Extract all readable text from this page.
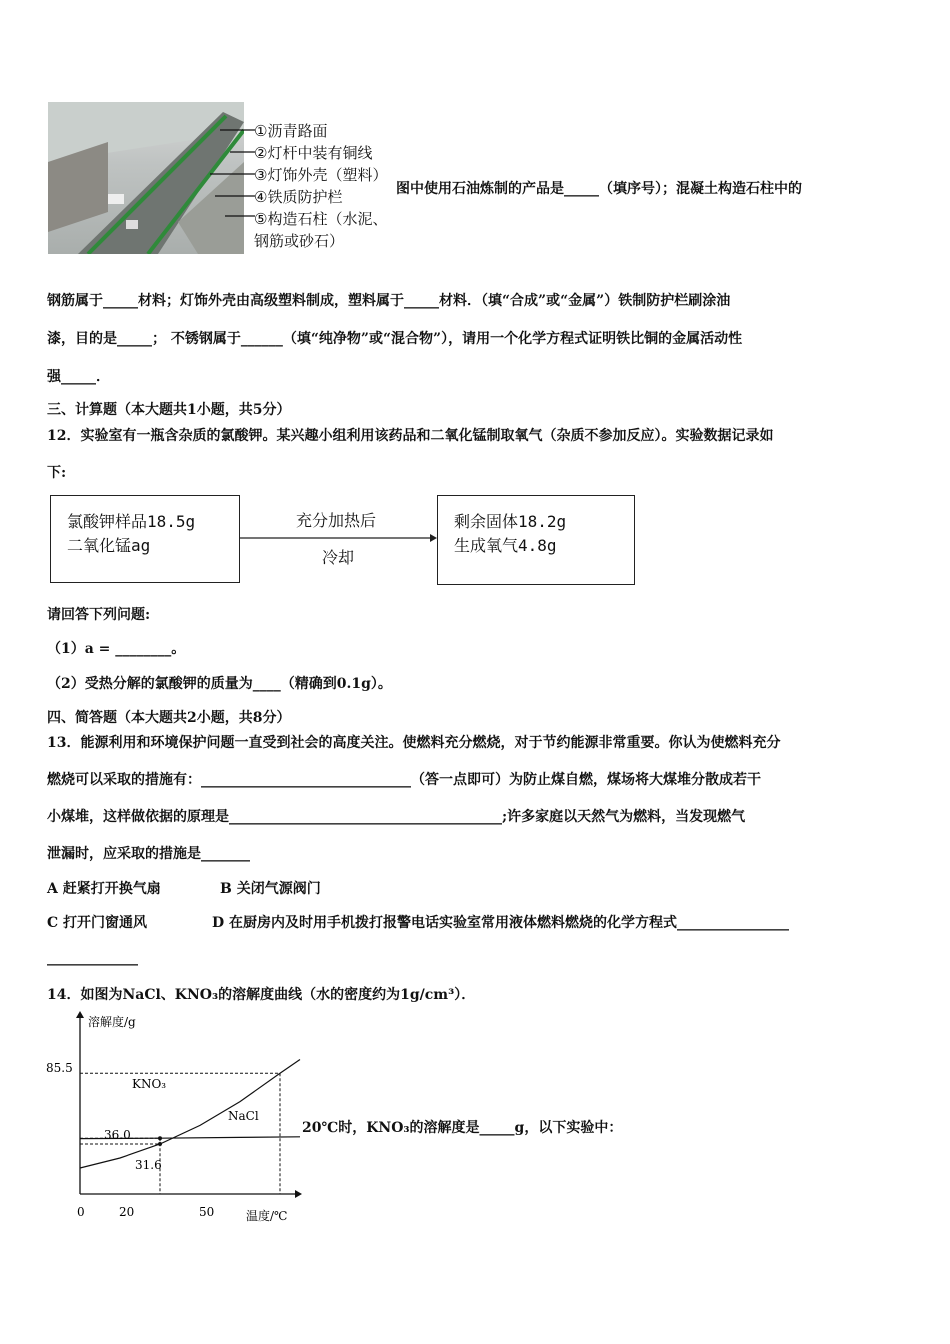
①沥青路面
②灯杆中装有铜线
③灯饰外壳（塑料）
④铁质防护栏
⑤构造石柱（水泥、
钢筋或砂石）
图中使用石油炼制的产品是_____（填序号）；混凝土构造石柱中的
钢筋属于_____材料；灯饰外壳由高级塑料制成，塑料属于_____材料．（填“合成”或“金属”）铁制防护栏刷涂油
漆，目的是_____； 不锈钢属于______（填“纯净物”或“混合物”），请用一个化学方程式证明铁比铜的金属活动性
强_____．
三、计算题（本大题共1小题，共5分）
12．实验室有一瓶含杂质的氯酸钾。某兴趣小组利用该药品和二氧化锰制取氧气（杂质不参加反应）。实验数据记录如
下:
氯酸钾样品18.5g
二氧化锰ag
充分加热后
冷却
剩余固体18.2g
生成氧气4.8g
请回答下列问题:
（1）a = ________。
（2）受热分解的氯酸钾的质量为____（精确到0.1g）。
四、简答题（本大题共2小题，共8分）
13．能源利用和环境保护问题一直受到社会的高度关注。使燃料充分燃烧，对于节约能源非常重要。你认为使燃料充分
燃烧可以采取的措施有：______________________________（答一点即可）为防止煤自燃，煤场将大煤堆分散成若干
小煤堆，这样做依据的原理是_______________________________________;许多家庭以天然气为燃料，当发现燃气
泄漏时，应采取的措施是_______
A 赶紧打开换气扇	B 关闭气源阀门
C 打开门窗通风	D 在厨房内及时用手机拨打报警电话实验室常用液体燃料燃烧的化学方程式________________
_____________
14．如图为NaCl、KNO₃的溶解度曲线（水的密度约为1g/cm³）．
溶解度/g
温度/℃
0	20	50
85.5
36.0
31.6
KNO₃
NaCl
20℃时，KNO₃的溶解度是_____g，以下实验中：
